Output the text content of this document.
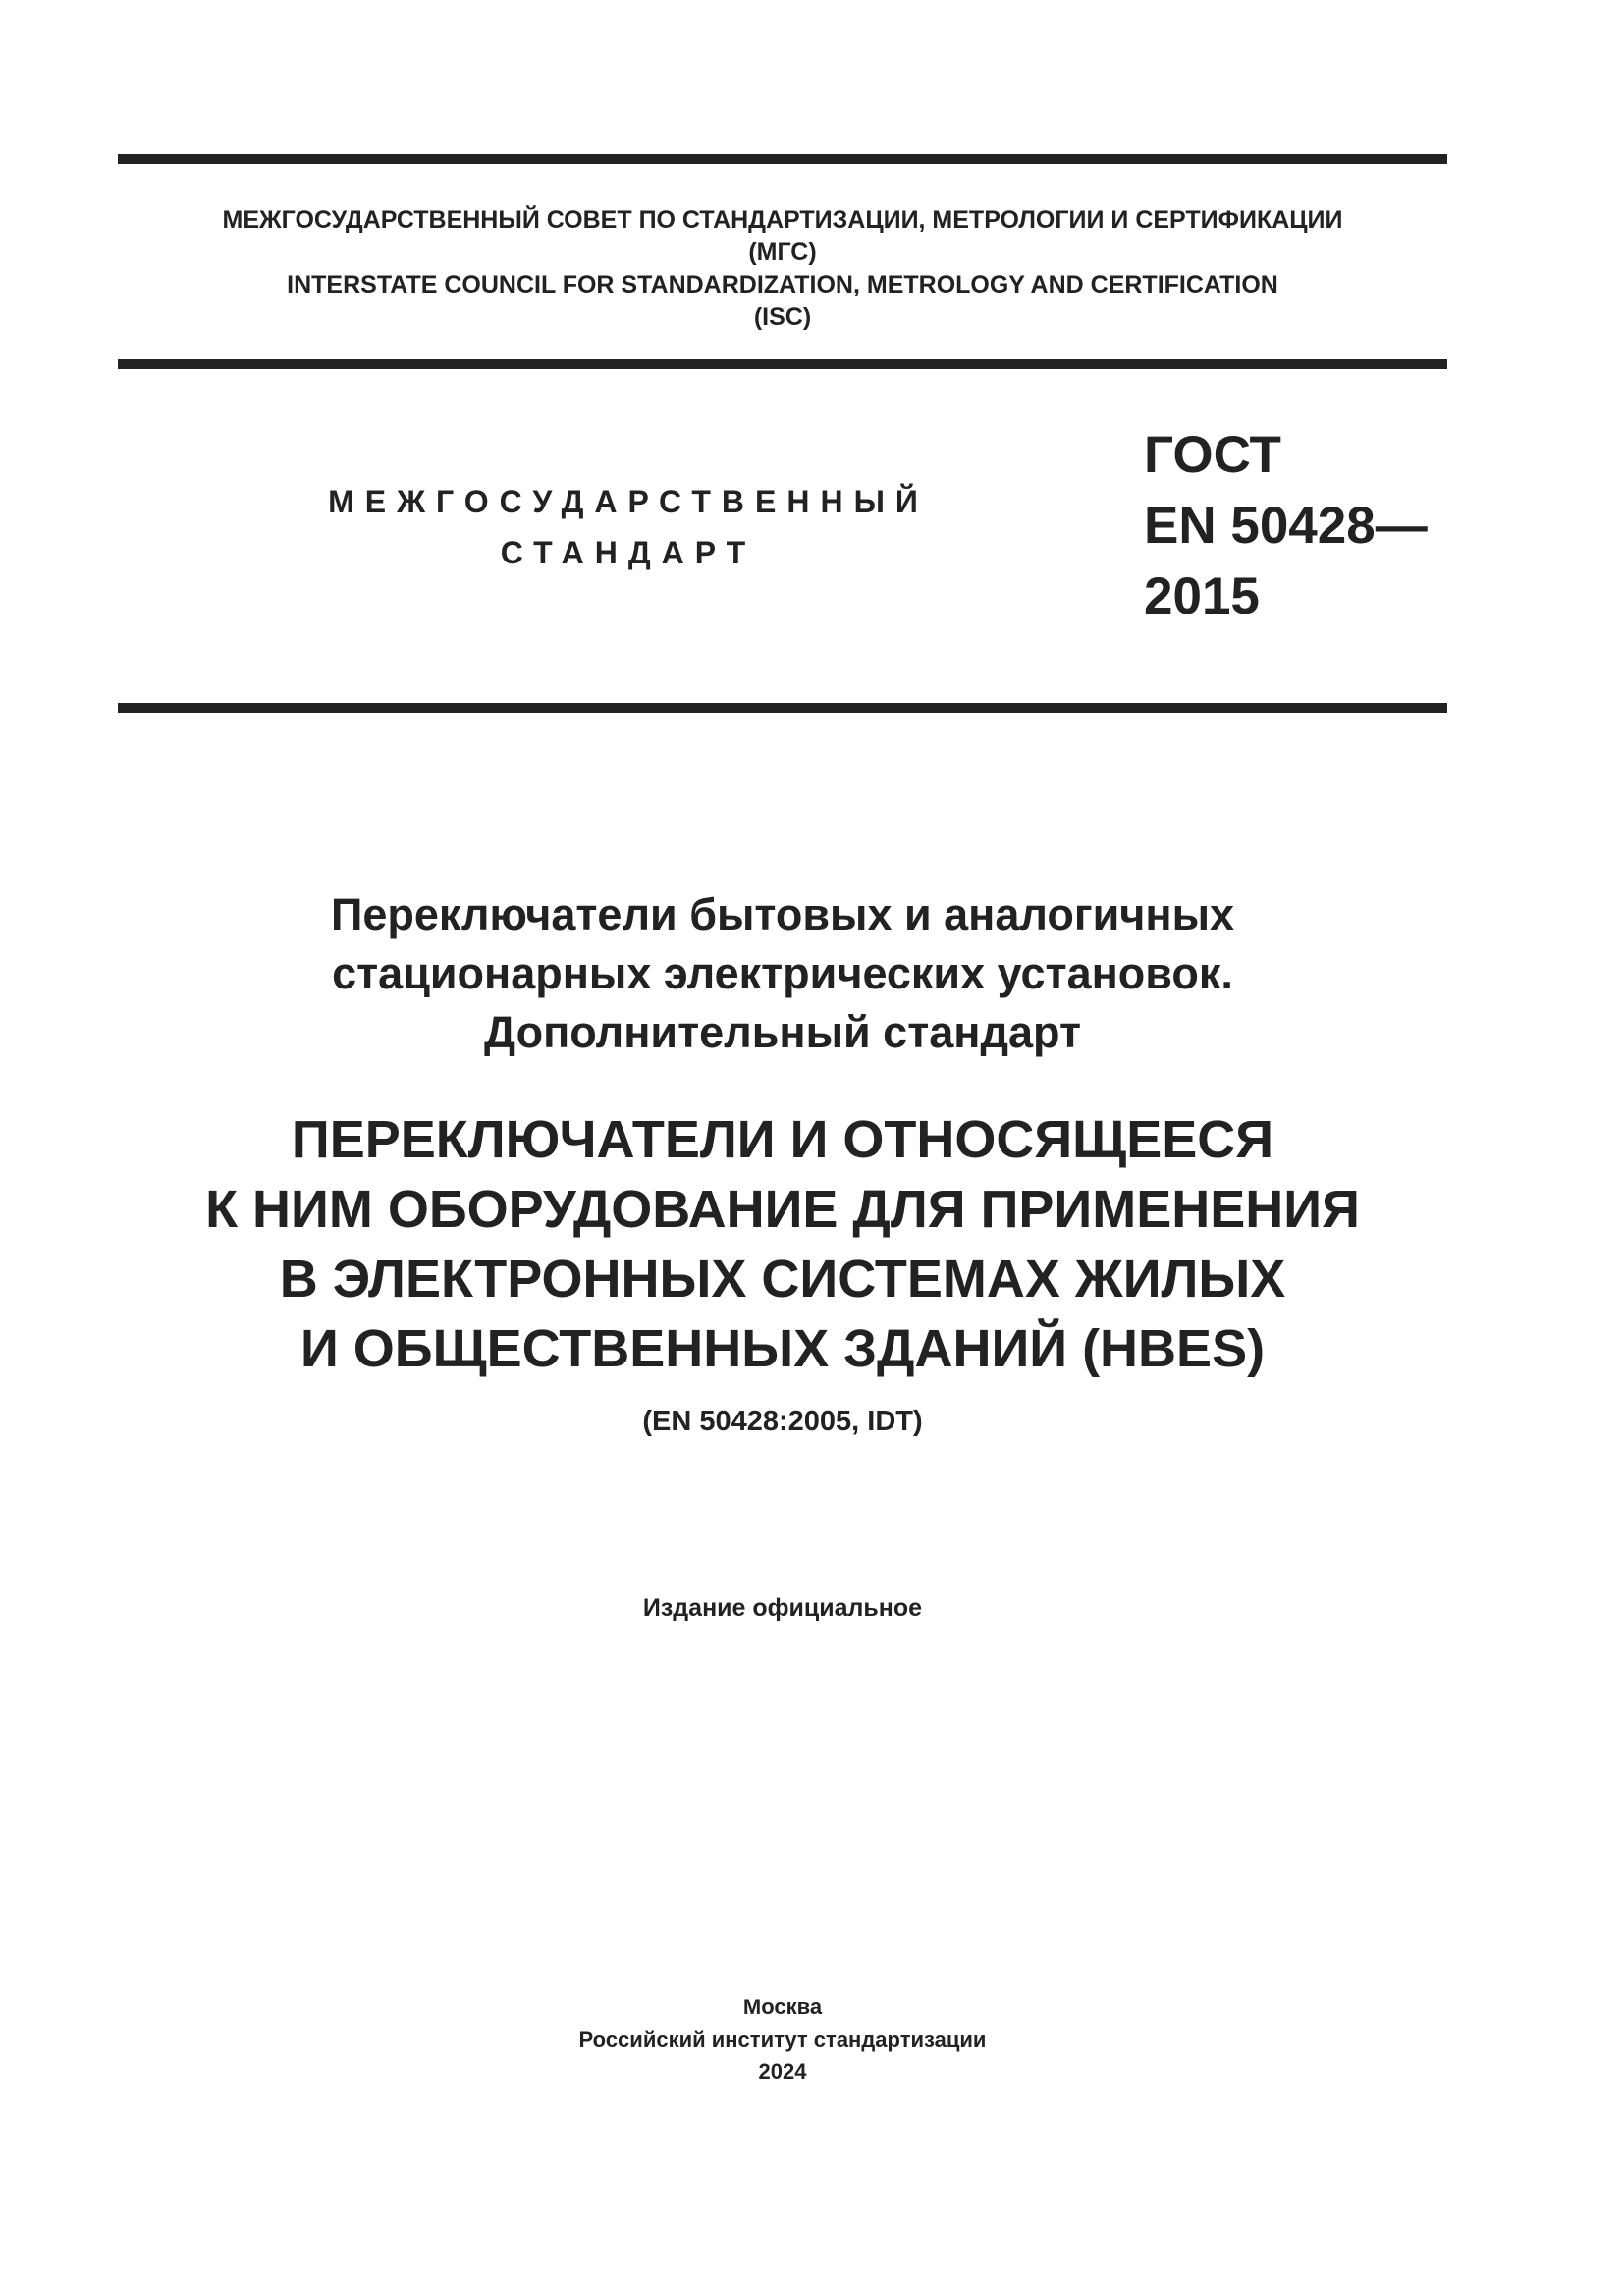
МЕЖГОСУДАРСТВЕННЫЙ СОВЕТ ПО СТАНДАРТИЗАЦИИ, МЕТРОЛОГИИ И СЕРТИФИКАЦИИ
(МГС)
INTERSTATE COUNCIL FOR STANDARDIZATION, METROLOGY AND CERTIFICATION
(ISC)
МЕЖГОСУДАРСТВЕННЫЙ
СТАНДАРТ
ГОСТ
EN 50428—
2015
Переключатели бытовых и аналогичных
стационарных электрических установок.
Дополнительный стандарт
ПЕРЕКЛЮЧАТЕЛИ И ОТНОСЯЩЕЕСЯ
К НИМ ОБОРУДОВАНИЕ ДЛЯ ПРИМЕНЕНИЯ
В ЭЛЕКТРОННЫХ СИСТЕМАХ ЖИЛЫХ
И ОБЩЕСТВЕННЫХ ЗДАНИЙ (HBES)
(EN 50428:2005, IDT)
Издание официальное
Москва
Российский институт стандартизации
2024
